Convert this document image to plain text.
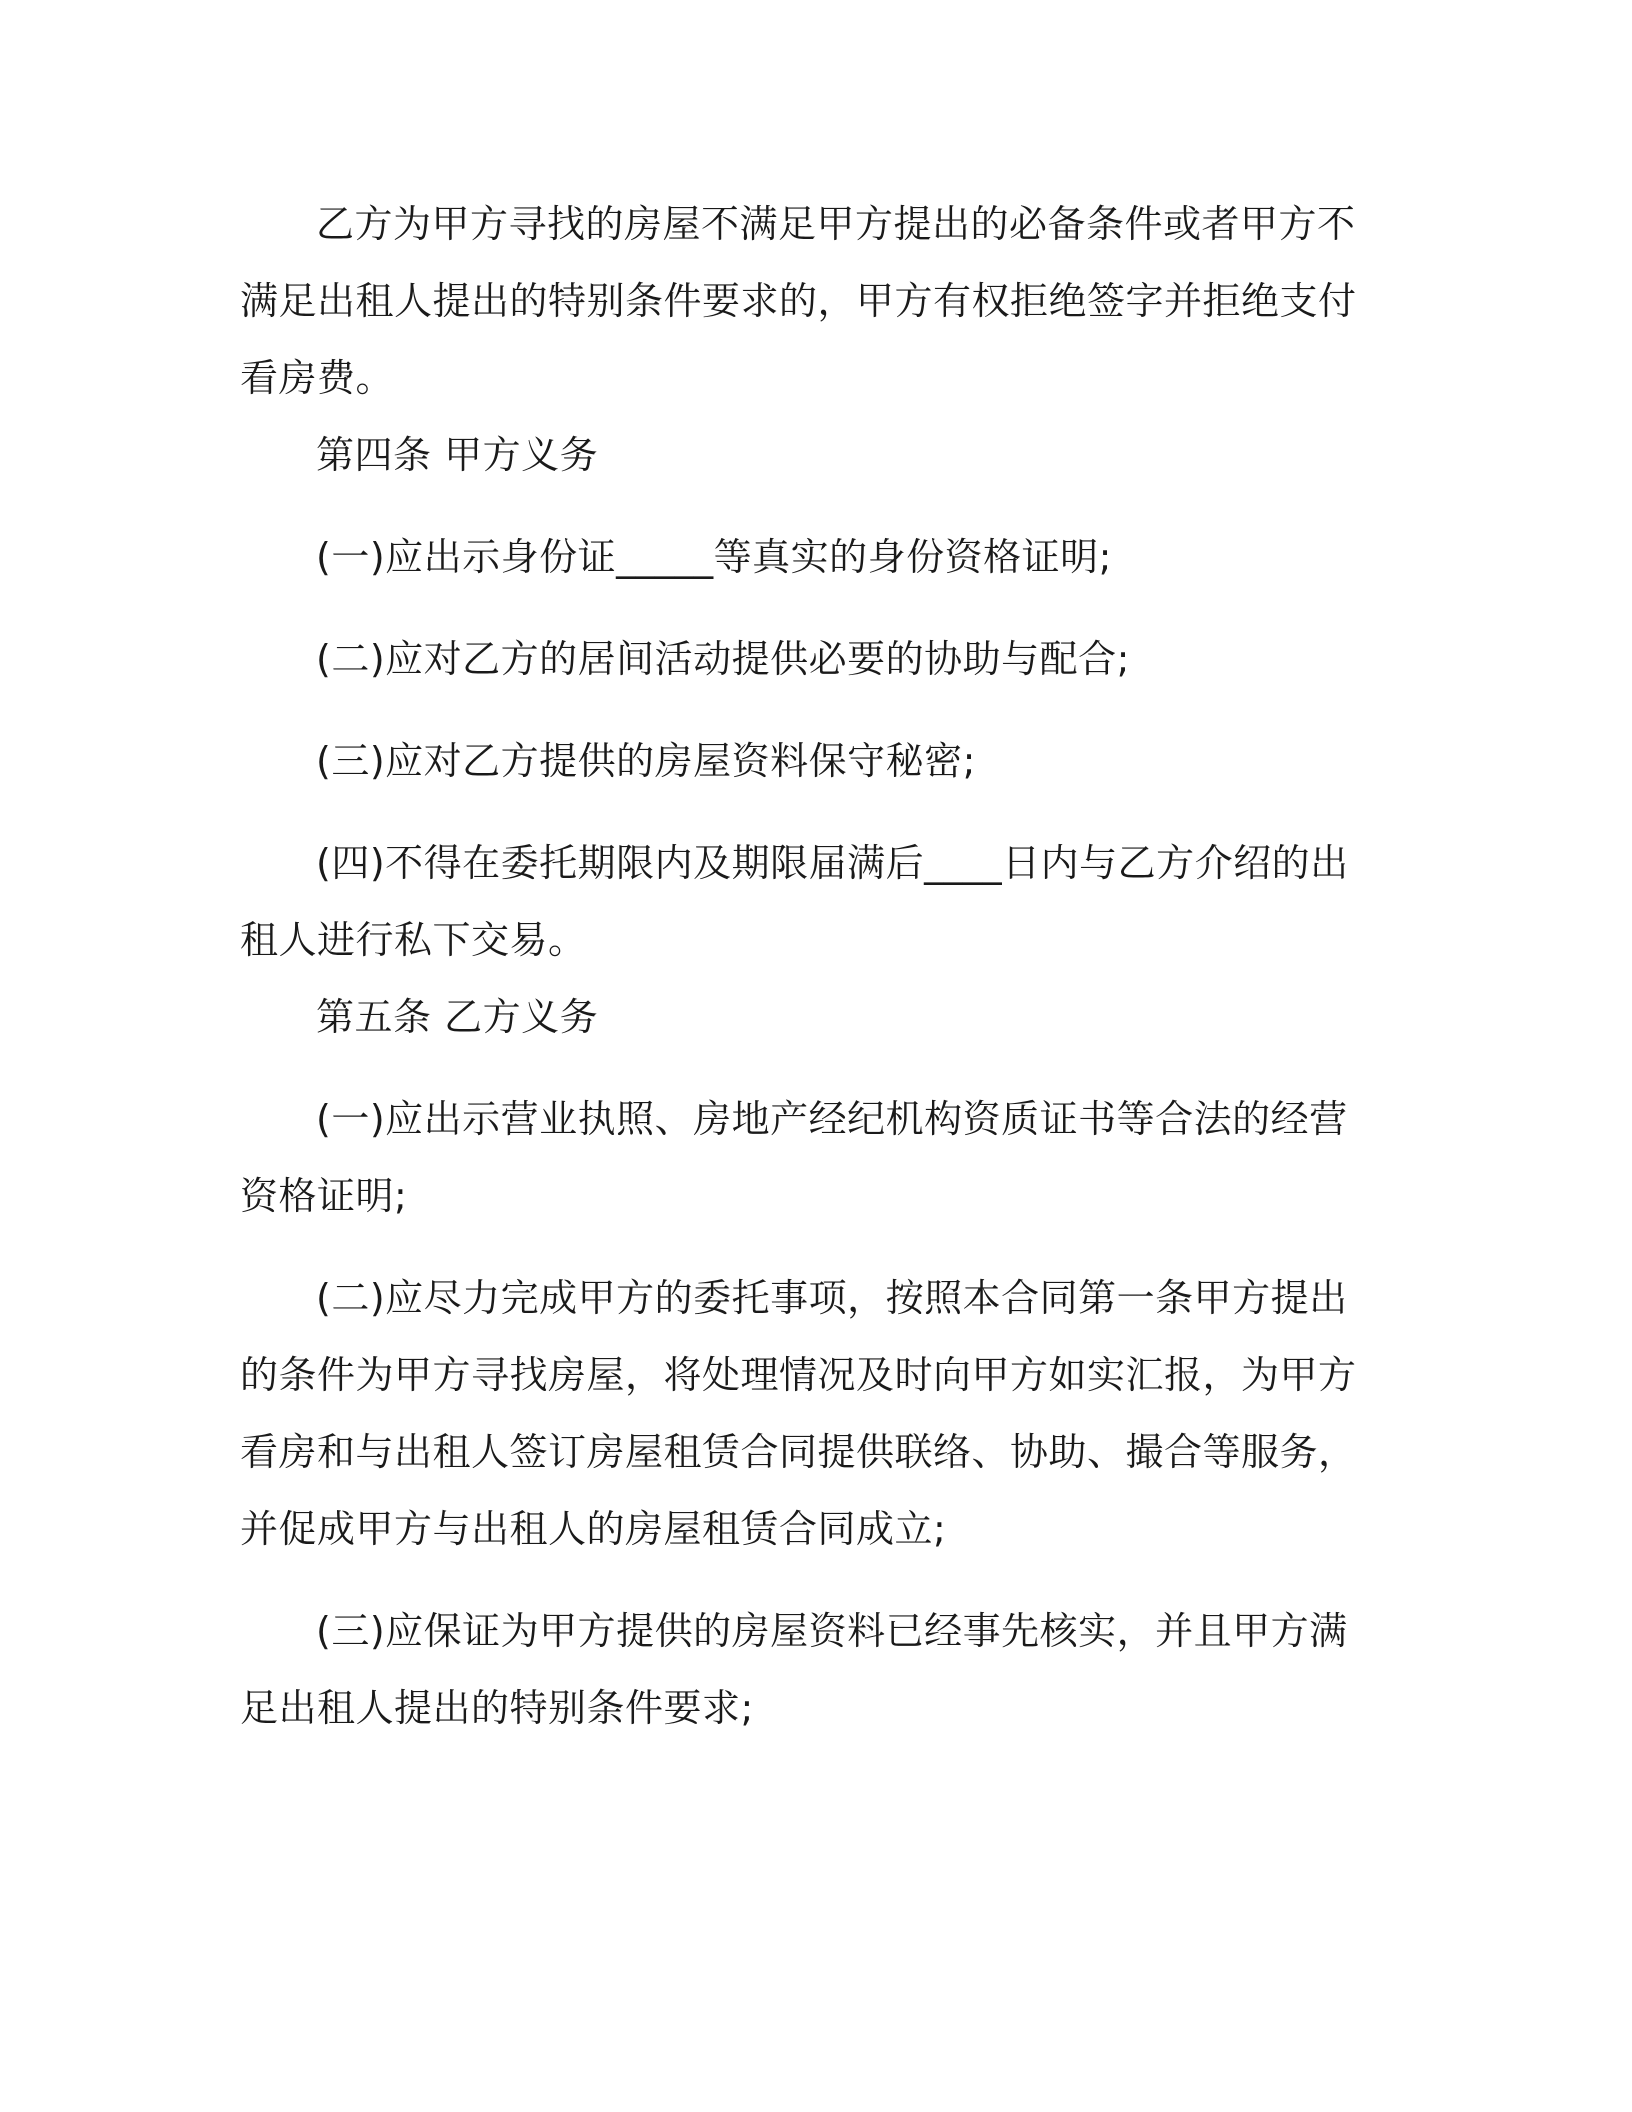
乙方为甲方寻找的房屋不满足甲方提出的必备条件或者甲方不满足出租人提出的特别条件要求的，甲方有权拒绝签字并拒绝支付看房费。

第四条 甲方义务

(一)应出示身份证_____等真实的身份资格证明;

(二)应对乙方的居间活动提供必要的协助与配合;

(三)应对乙方提供的房屋资料保守秘密;

(四)不得在委托期限内及期限届满后____日内与乙方介绍的出租人进行私下交易。

第五条 乙方义务

(一)应出示营业执照、房地产经纪机构资质证书等合法的经营资格证明;

(二)应尽力完成甲方的委托事项，按照本合同第一条甲方提出的条件为甲方寻找房屋，将处理情况及时向甲方如实汇报，为甲方看房和与出租人签订房屋租赁合同提供联络、协助、撮合等服务，并促成甲方与出租人的房屋租赁合同成立;

(三)应保证为甲方提供的房屋资料已经事先核实，并且甲方满足出租人提出的特别条件要求;
